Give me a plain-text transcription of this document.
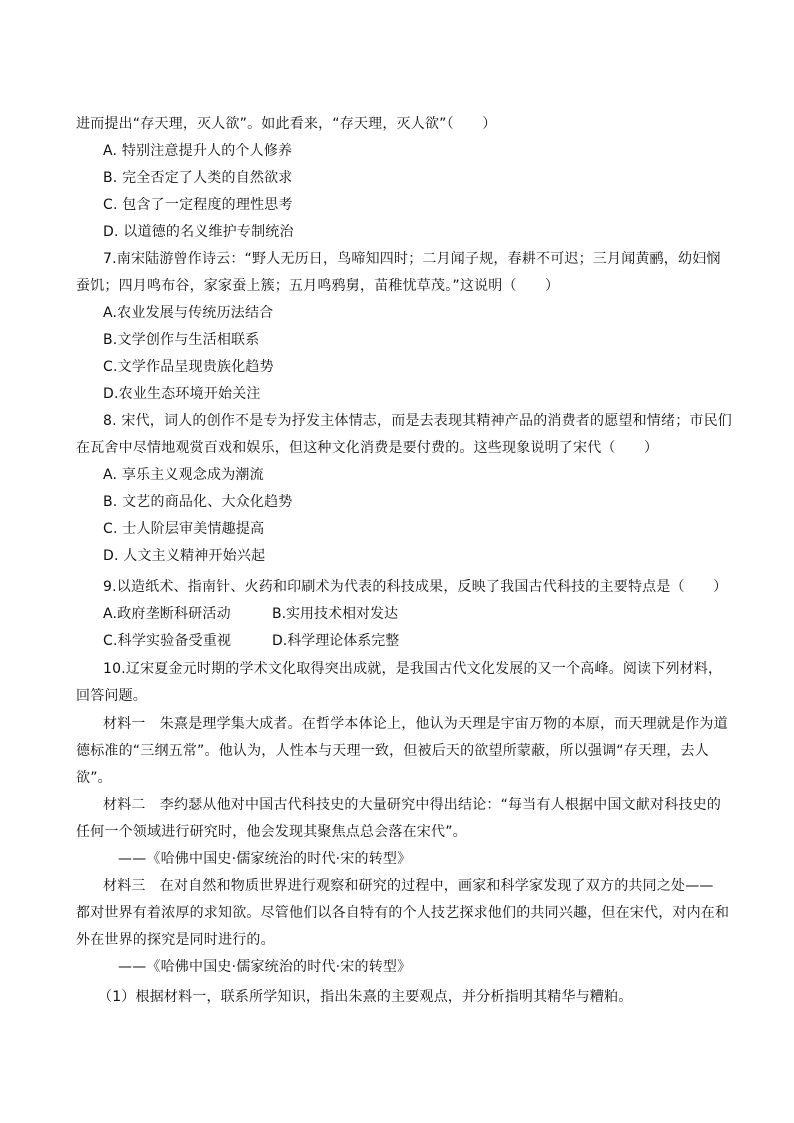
进而提出“存天理，灭人欲”。如此看来，“存天理，灭人欲”（　　）
A. 特别注意提升人的个人修养
B. 完全否定了人类的自然欲求
C. 包含了一定程度的理性思考
D. 以道德的名义维护专制统治
7.南宋陆游曾作诗云：“野人无历日，鸟啼知四时；二月闻子规，春耕不可迟；三月闻黄鹂，幼妇悯
蚕饥；四月鸣布谷，家家蚕上簇；五月鸣鸦舅，苗稚忧草茂。”这说明（　　）
A.农业发展与传统历法结合
B.文学创作与生活相联系
C.文学作品呈现贵族化趋势
D.农业生态环境开始关注
8. 宋代，词人的创作不是专为抒发主体情志，而是去表现其精神产品的消费者的愿望和情绪；市民们
在瓦舍中尽情地观赏百戏和娱乐，但这种文化消费是要付费的。这些现象说明了宋代（　　）
A. 享乐主义观念成为潮流
B. 文艺的商品化、大众化趋势
C. 士人阶层审美情趣提高
D. 人文主义精神开始兴起
9.以造纸术、指南针、火药和印刷术为代表的科技成果，反映了我国古代科技的主要特点是（　　）
A.政府垄断科研活动	B.实用技术相对发达
C.科学实验备受重视	D.科学理论体系完整
10.辽宋夏金元时期的学术文化取得突出成就，是我国古代文化发展的又一个高峰。阅读下列材料，
回答问题。
材料一　朱熹是理学集大成者。在哲学本体论上，他认为天理是宇宙万物的本原，而天理就是作为道
德标准的“三纲五常”。他认为，人性本与天理一致，但被后天的欲望所蒙蔽，所以强调“存天理，去人
欲”。
材料二　李约瑟从他对中国古代科技史的大量研究中得出结论：“每当有人根据中国文献对科技史的
任何一个领域进行研究时，他会发现其聚焦点总会落在宋代”。
——《哈佛中国史·儒家统治的时代·宋的转型》
材料三　在对自然和物质世界进行观察和研究的过程中，画家和科学家发现了双方的共同之处——
都对世界有着浓厚的求知欲。尽管他们以各自特有的个人技艺探求他们的共同兴趣，但在宋代，对内在和
外在世界的探究是同时进行的。
——《哈佛中国史·儒家统治的时代·宋的转型》
（1）根据材料一，联系所学知识，指出朱熹的主要观点，并分析指明其精华与糟粕。
